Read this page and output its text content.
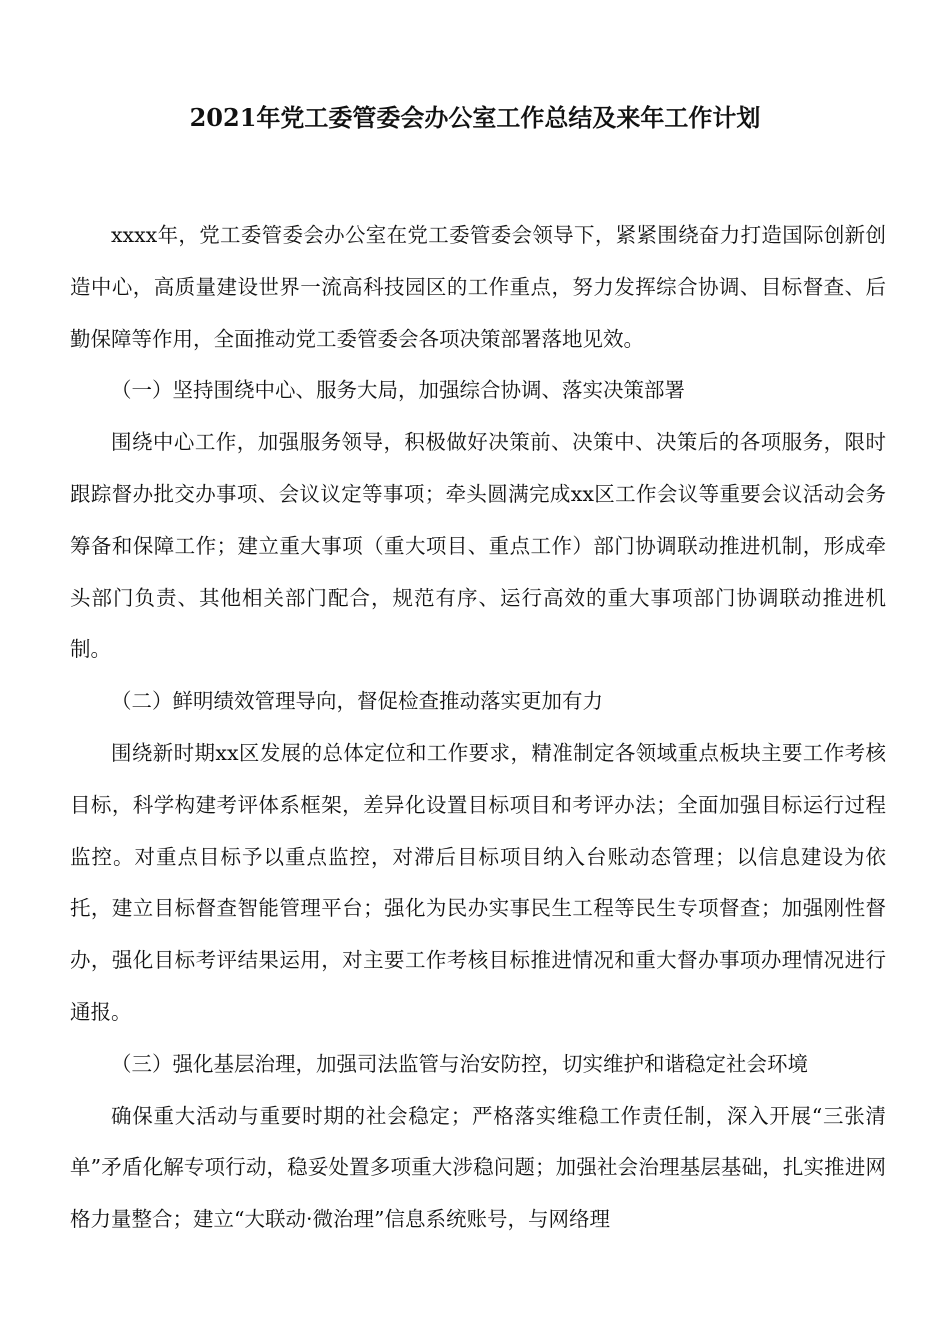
2021年党工委管委会办公室工作总结及来年工作计划

xxxx年，党工委管委会办公室在党工委管委会领导下，紧紧围绕奋力打造国际创新创造中心，高质量建设世界一流高科技园区的工作重点，努力发挥综合协调、目标督查、后勤保障等作用，全面推动党工委管委会各项决策部署落地见效。

（一）坚持围绕中心、服务大局，加强综合协调、落实决策部署

围绕中心工作，加强服务领导，积极做好决策前、决策中、决策后的各项服务，限时跟踪督办批交办事项、会议议定等事项；牵头圆满完成xx区工作会议等重要会议活动会务筹备和保障工作；建立重大事项（重大项目、重点工作）部门协调联动推进机制，形成牵头部门负责、其他相关部门配合，规范有序、运行高效的重大事项部门协调联动推进机制。

（二）鲜明绩效管理导向，督促检查推动落实更加有力

围绕新时期xx区发展的总体定位和工作要求，精准制定各领域重点板块主要工作考核目标，科学构建考评体系框架，差异化设置目标项目和考评办法；全面加强目标运行过程监控。对重点目标予以重点监控，对滞后目标项目纳入台账动态管理；以信息建设为依托，建立目标督查智能管理平台；强化为民办实事民生工程等民生专项督查；加强刚性督办，强化目标考评结果运用，对主要工作考核目标推进情况和重大督办事项办理情况进行通报。

（三）强化基层治理，加强司法监管与治安防控，切实维护和谐稳定社会环境

确保重大活动与重要时期的社会稳定；严格落实维稳工作责任制，深入开展“三张清单”矛盾化解专项行动，稳妥处置多项重大涉稳问题；加强社会治理基层基础，扎实推进网格力量整合；建立“大联动·微治理”信息系统账号，与网络理
